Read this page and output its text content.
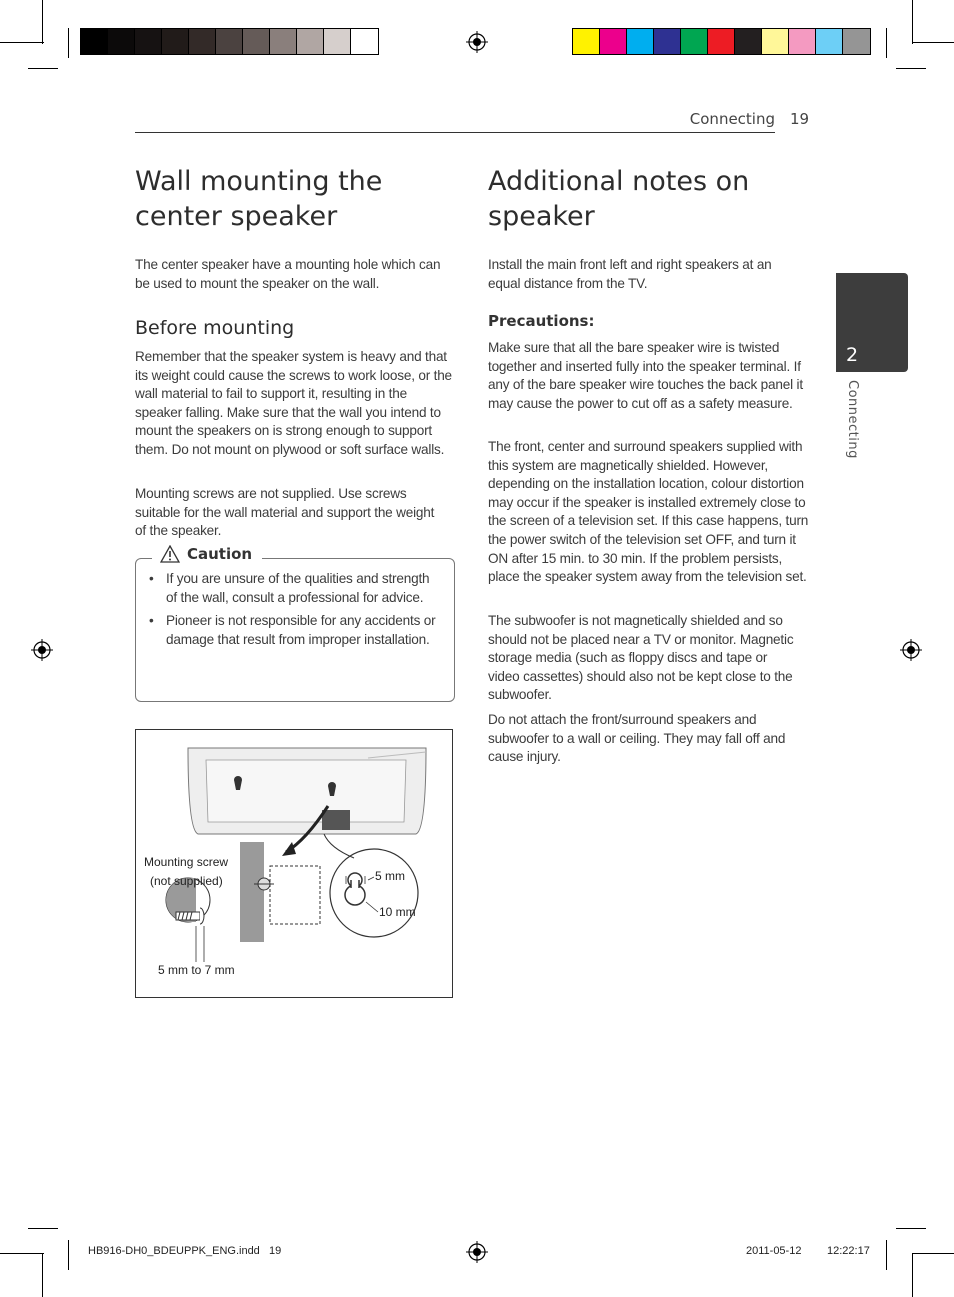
Connecting 19
2
Connecting
Wall mounting the
center speaker

The center speaker have a mounting hole which can be used to mount the speaker on the wall.

Before mounting

Remember that the speaker system is heavy and that its weight could cause the screws to work loose, or the wall material to fail to support it, resulting in the speaker falling. Make sure that the wall you intend to mount the speakers on is strong enough to support them. Do not mount on plywood or soft surface walls.

Mounting screws are not supplied. Use screws suitable for the wall material and support the weight of the speaker.

Caution
• If you are unsure of the qualities and strength of the wall, consult a professional for advice.
• Pioneer is not responsible for any accidents or damage that result from improper installation.
Mounting screw
(not supplied)	5 mm
10 mm
5 mm to 7 mm
Additional notes on
speaker

Install the main front left and right speakers at an equal distance from the TV.

Precautions:

Make sure that all the bare speaker wire is twisted together and inserted fully into the speaker terminal. If any of the bare speaker wire touches the back panel it may cause the power to cut off as a safety measure.

The front, center and surround speakers supplied with this system are magnetically shielded. However, depending on the installation location, colour distortion may occur if the speaker is installed extremely close to the screen of a television set. If this case happens, turn the power switch of the television set OFF, and turn it ON after 15 min. to 30 min. If the problem persists, place the speaker system away from the television set.

The subwoofer is not magnetically shielded and so should not be placed near a TV or monitor. Magnetic storage media (such as floppy discs and tape or video cassettes) should also not be kept close to the subwoofer.

Do not attach the front/surround speakers and subwoofer to a wall or ceiling. They may fall off and cause injury.

HB916-DH0_BDEUPPK_ENG.indd   19	2011-05-12 12:22:17
